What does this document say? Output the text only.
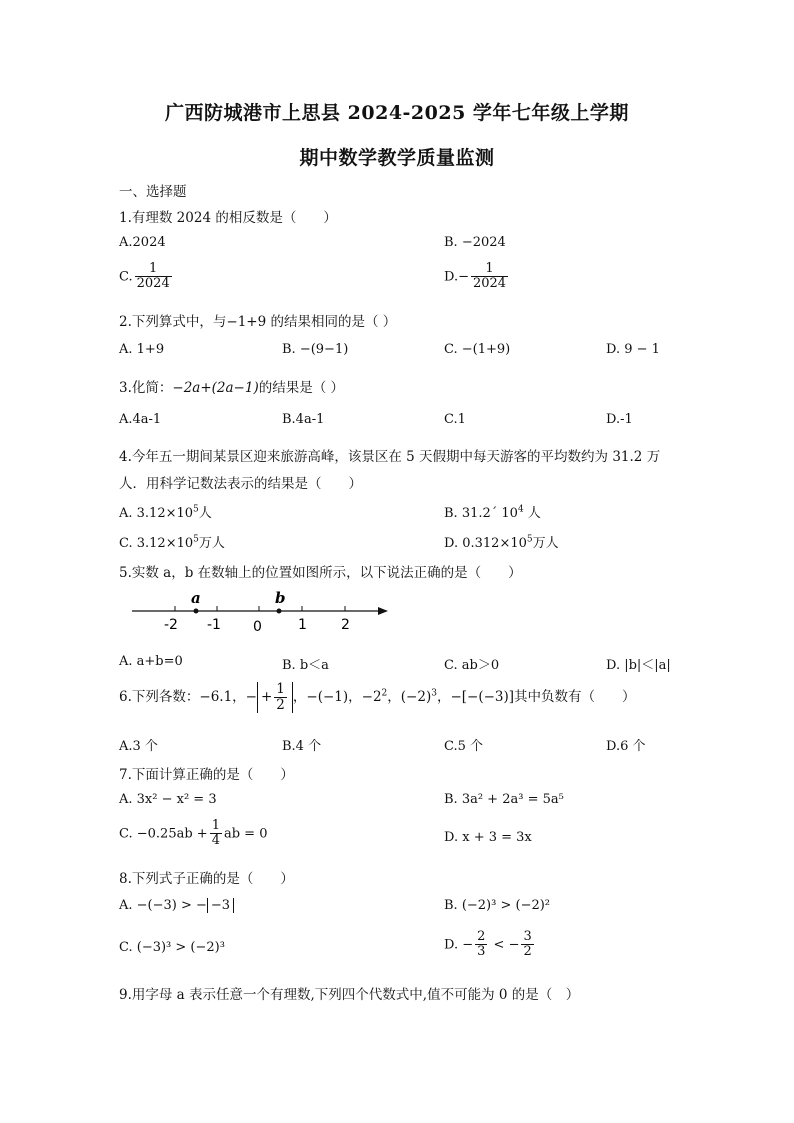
广西防城港市上思县 2024-2025 学年七年级上学期
期中数学教学质量监测
一、选择题
1.有理数 2024 的相反数是（　　）
A.2024	B. −2024
C. $\frac{1}{2024}$	$D.- \frac{1}{2024}$
2.下列算式中，与−1+9 的结果相同的是（ ）
A. 1+9	B. −(9−1)	C. −(1+9)	D. 9 − 1
3.化简：−2a+(2a−1)的结果是（ ）
A.4a-1	B.4a-1	C.1	D.-1
4.今年五一期间某景区迎来旅游高峰，该景区在 5 天假期中每天游客的平均数约为 31.2 万
人．用科学记数法表示的结果是（　　）
A. $3.12\times 10^5$人	B. 31.2´ $10^4$ 人
C. $3.12\times 10^5$万人	D. $0.312\times 10^5$万人
5.实数 a，b 在数轴上的位置如图所示，以下说法正确的是（　　）
a	b
-2 -1 0	1 2
A. a+b=0	B. b＜a	C. ab＞0	D. |b|＜|a|
6.下列各数：−6.1，− + $\frac{1}{2}$ ，−(−1)，$-2^2$，$(-2)^3$，−[−(−3)]其中负数有（　　）
A.3 个	B.4 个	C.5 个	D.6 个
7.下面计算正确的是（　　）
A. 3x² − x² = 3	B. 3a² + 2a³ = 5a⁵
C. $-0.25ab + \frac{1}{4}$ ab = 0	D. x + 3 = 3x
8.下列式子正确的是（　　）
A. −(−3) > − −3	B. (−2)³ > (−2)²
C. (−3)³ > (−2)³	D. − $\frac{2}{3}$ < − $\frac{3}{2}$
9.用字母 a 表示任意一个有理数,下列四个代数式中,值不可能为 0 的是（　）
